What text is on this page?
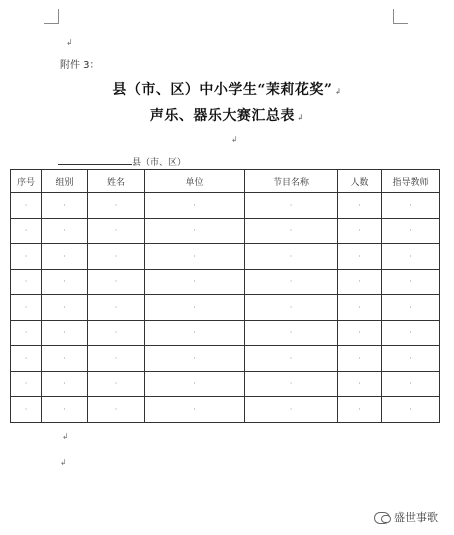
↲
附件 3：
县（市、区）中小学生“茉莉花奖” ↲
声乐、器乐大赛汇总表 ↲
↲
县（市、区）
序号	组别	姓名	单位	节目名称	人数	指导教师
·	·	·	·	·	·	·
·	·	·	·	·	·	·
·	·	·	·	·	·	·
·	·	·	·	·	·	·
·	·	·	·	·	·	·
·	·	·	·	·	·	·
·	·	·	·	·	·	·
·	·	·	·	·	·	·
·	·	·	·	·	·	·
↲
↲
盛世事歌
